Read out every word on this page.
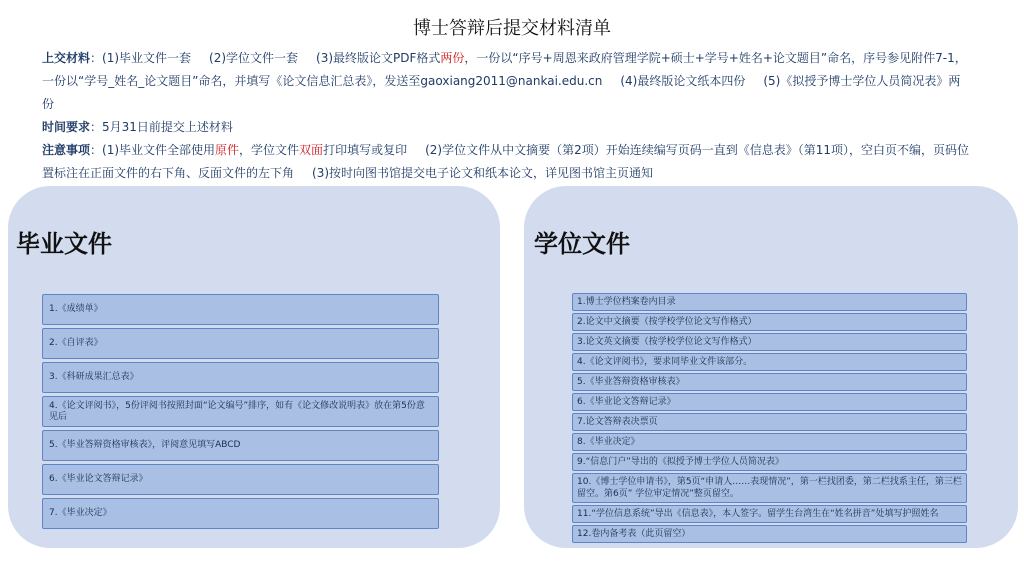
博士答辩后提交材料清单

上交材料：(1)毕业文件一套 (2)学位文件一套 (3)最终版论文PDF格式两份，一份以“序号+周恩来政府管理学院+硕士+学号+姓名+论文题目”命名，序号参见附件7-1，一份以“学号_姓名_论文题目”命名，并填写《论文信息汇总表》，发送至gaoxiang2011@nankai.edu.cn (4)最终版论文纸本四份 (5)《拟授予博士学位人员简况表》两份

时间要求：5月31日前提交上述材料

注意事项：(1)毕业文件全部使用原件，学位文件双面打印填写或复印 (2)学位文件从中文摘要（第2项）开始连续编写页码一直到《信息表》（第11项），空白页不编，页码位置标注在正面文件的右下角、反面文件的左下角 (3)按时向图书馆提交电子论文和纸本论文，详见图书馆主页通知

毕业文件
1.《成绩单》
2.《自评表》
3.《科研成果汇总表》
4.《论文评阅书》，5份评阅书按照封面“论文编号”排序，如有《论文修改说明表》放在第5份意见后
5.《毕业答辩资格审核表》，评阅意见填写ABCD
6.《毕业论文答辩记录》
7.《毕业决定》
学位文件
1.博士学位档案卷内目录
2.论文中文摘要（按学校学位论文写作格式）
3.论文英文摘要（按学校学位论文写作格式）
4.《论文评阅书》，要求同毕业文件该部分。
5.《毕业答辩资格审核表》
6.《毕业论文答辩记录》
7.论文答辩表决票页
8.《毕业决定》
9.“信息门户”导出的《拟授予博士学位人员简况表》
10.《博士学位申请书》，第5页“申请人……表现情况”，第一栏找团委，第二栏找系主任，第三栏留空。第6页” 学位审定情况”整页留空。
11.“学位信息系统”导出《信息表》，本人签字。留学生台湾生在“姓名拼音”处填写护照姓名
12.卷内备考表（此页留空）
